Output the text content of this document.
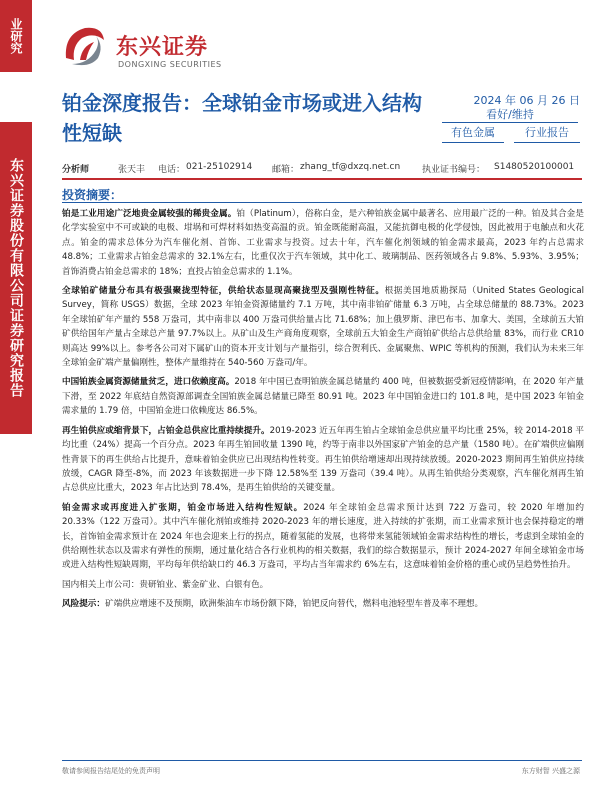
业研究
东兴证券股份有限公司证券研究报告
东兴证券
DONGXING SECURITIES
铂金深度报告：全球铂金市场或进入结构性短缺
2024 年 06 月 26 日
看好/维持
有色金属	行业报告
分析师	张天丰 电话： 021-25102914 邮箱： zhang_tf@dxzq.net.cn 执业证书编号： S1480520100001
投资摘要：

铂是工业用途广泛地贵金属较强的稀贵金属。铂（Platinum），俗称白金，是六种铂族金属中最著名、应用最广泛的一种。铂及其合金是化学实验室中不可或缺的电极、坩埚和可焊材料如热变高温的贡。铂金既能耐高温，又能抗御电极的化学侵蚀，因此被用于电触点和火花点。铂金的需求总体分为汽车催化剂、首饰、工业需求与投资。过去十年，汽车催化剂领域的铂金需求最高，2023 年约占总需求 48.8%；工业需求占铂金总需求的 32.1%左右，比重仅次于汽车领域，其中化工、玻璃制品、医药领域各占 9.8%、5.93%、3.95%；首饰消费占铂金总需求的 18%；直投占铂金总需求的 1.1%。

全球铂矿储量分布具有极强聚拢型特征，供给状态显现高聚拢型及强刚性特征。根据美国地质勘探局（United States Geological Survey，简称 USGS）数据，全球 2023 年铂金资源储量约 7.1 万吨，其中南非铂矿储量 6.3 万吨，占全球总储量的 88.73%。2023 年全球铂矿年产量约 558 万盎司，其中南非以 400 万盎司供给量占比 71.68%；加上俄罗斯、津巴布韦、加拿大、美国，全球前五大铂矿供给国年产量占全球总产量 97.7%以上。从矿山及生产商角度观察，全球前五大铂金生产商铂矿供给占总供给量 83%，而行业 CR10 则高达 99%以上。参考各公司对下属矿山的资本开支计划与产量指引，综合贺利氏、金属聚焦、WPIC 等机构的预测，我们认为未来三年全球铂金矿端产量偏刚性，整体产量维持在 540-560 万盎司/年。

中国铂族金属资源储量贫乏，进口依赖度高。2018 年中国已查明铂族金属总储量约 400 吨，但被数据受新冠疫情影响，在 2020 年产量下滑，至 2022 年底结自然资源部调查全国铂族金属总储量已降至 80.91 吨。2023 年中国铂金进口约 101.8 吨，是中国 2023 年铂金需求量的 1.79 倍，中国铂金进口依赖度达 86.5%。

再生铂供应或缩背景下，占铂金总供应比重持续提升。2019-2023 近五年再生铂占全球铂金总供应量平均比重 25%，较 2014-2018 平均比重（24%）提高一个百分点。2023 年再生铂回收量 1390 吨，约等于南非以外国家矿产铂金的总产量（1580 吨）。在矿端供应偏刚性背景下的再生供给占比提升，意味着铂金供应已出现结构性转变。再生铂供给增速却出现持续放缓。2020-2023 期间再生铂供应持续放缓，CAGR 降至-8%，而 2023 年该数据进一步下降 12.58%至 139 万盎司（39.4 吨）。从再生铂供给分类观察，汽车催化剂再生铂占总供应比重大，2023 年占比达到 78.4%，是再生铂供给的关键变量。

铂金需求或再度进入扩张期，铂金市场进入结构性短缺。2024 年全球铂金总需求预计达到 722 万盎司，较 2020 年增加约 20.33%（122 万盎司）。其中汽车催化剂铂或维持 2020-2023 年的增长速度，进入持续的扩张期，而工业需求预计也会保持稳定的增长，首饰铂金需求预计在 2024 年也会迎来上行的拐点，随着氢能的发展，也将带来氢能领域铂金需求结构性的增长，考虑到全球铂金的供给刚性状态以及需求有弹性的预期，通过量化结合各行业机构的相关数据，我们的综合数据显示，预计 2024-2027 年间全球铂金市场或进入结构性短缺周期，平均每年供给缺口约 46.3 万盎司，平均占当年需求约 6%左右，这意味着铂金价格的重心或仍呈趋势性抬升。

国内相关上市公司：贵研铂业、紫金矿业、白银有色。

风险提示：矿端供应增速不及预期，欧洲柴油车市场份额下降，铂钯反向替代，燃料电池轻型车普及率不理想。

敬请参阅报告结尾处的免责声明	东方财智 兴盛之源
